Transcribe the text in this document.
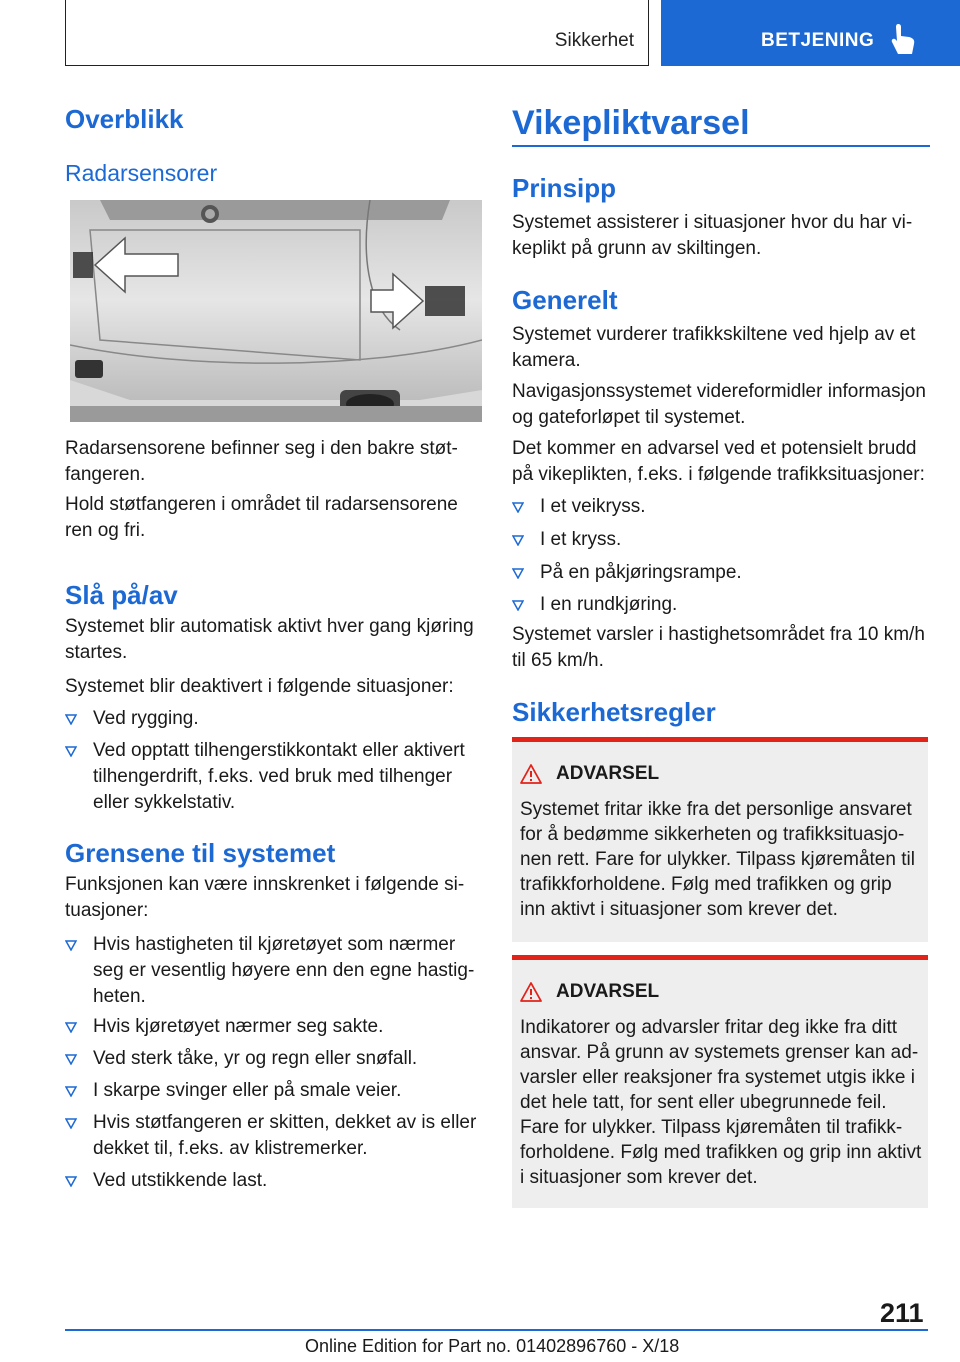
Sikkerhet	BETJENING
Overblikk
Radarsensorer
Radarsensorene befinner seg i den bakre støt-
fangeren.
Hold støtfangeren i området til radarsensorene
ren og fri.
Slå på/av
Systemet blir automatisk aktivt hver gang kjøring
startes.
Systemet blir deaktivert i følgende situasjoner:
Ved rygging.
Ved opptatt tilhengerstikkontakt eller aktivert
tilhengerdrift, f.eks. ved bruk med tilhenger
eller sykkelstativ.
Grensene til systemet
Funksjonen kan være innskrenket i følgende si-
tuasjoner:
Hvis hastigheten til kjøretøyet som nærmer
seg er vesentlig høyere enn den egne hastig-
heten.
Hvis kjøretøyet nærmer seg sakte.
Ved sterk tåke, yr og regn eller snøfall.
I skarpe svinger eller på smale veier.
Hvis støtfangeren er skitten, dekket av is eller
dekket til, f.eks. av klistremerker.
Ved utstikkende last.
Vikepliktvarsel
Prinsipp
Systemet assisterer i situasjoner hvor du har vi-
keplikt på grunn av skiltingen.
Generelt
Systemet vurderer trafikkskiltene ved hjelp av et
kamera.
Navigasjonssystemet videreformidler informasjon
og gateforløpet til systemet.
Det kommer en advarsel ved et potensielt brudd
på vikeplikten, f.eks. i følgende trafikksituasjoner:
I et veikryss.
I et kryss.
På en påkjøringsrampe.
I en rundkjøring.
Systemet varsler i hastighetsområdet fra 10 km/h
til 65 km/h.
Sikkerhetsregler
ADVARSEL
Systemet fritar ikke fra det personlige ansvaret
for å bedømme sikkerheten og trafikksituasjo-
nen rett. Fare for ulykker. Tilpass kjøremåten til
trafikkforholdene. Følg med trafikken og grip
inn aktivt i situasjoner som krever det.
ADVARSEL
Indikatorer og advarsler fritar deg ikke fra ditt
ansvar. På grunn av systemets grenser kan ad-
varsler eller reaksjoner fra systemet utgis ikke i
det hele tatt, for sent eller ubegrunnede feil.
Fare for ulykker. Tilpass kjøremåten til trafikk-
forholdene. Følg med trafikken og grip inn aktivt
i situasjoner som krever det.
211
Online Edition for Part no. 01402896760 - X/18
